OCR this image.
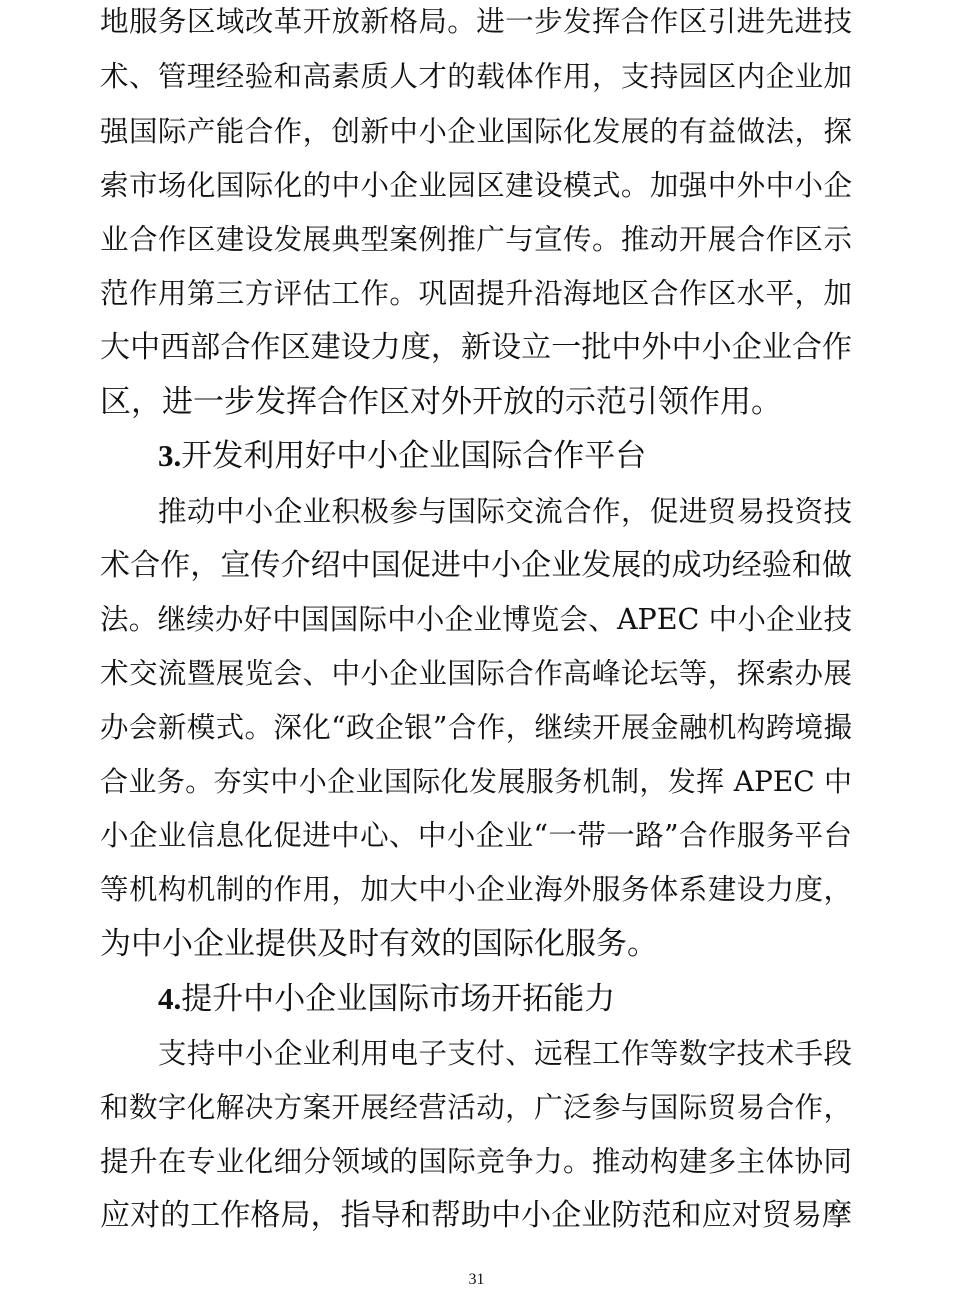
地服务区域改革开放新格局。进一步发挥合作区引进先进技
术、管理经验和高素质人才的载体作用，支持园区内企业加
强国际产能合作，创新中小企业国际化发展的有益做法，探
索市场化国际化的中小企业园区建设模式。加强中外中小企
业合作区建设发展典型案例推广与宣传。推动开展合作区示
范作用第三方评估工作。巩固提升沿海地区合作区水平，加
大中西部合作区建设力度，新设立一批中外中小企业合作
区，进一步发挥合作区对外开放的示范引领作用。
3.开发利用好中小企业国际合作平台
推动中小企业积极参与国际交流合作，促进贸易投资技
术合作，宣传介绍中国促进中小企业发展的成功经验和做
法。继续办好中国国际中小企业博览会、APEC 中小企业技
术交流暨展览会、中小企业国际合作高峰论坛等，探索办展
办会新模式。深化“政企银”合作，继续开展金融机构跨境撮
合业务。夯实中小企业国际化发展服务机制，发挥 APEC 中
小企业信息化促进中心、中小企业“一带一路”合作服务平台
等机构机制的作用，加大中小企业海外服务体系建设力度，
为中小企业提供及时有效的国际化服务。
4.提升中小企业国际市场开拓能力
支持中小企业利用电子支付、远程工作等数字技术手段
和数字化解决方案开展经营活动，广泛参与国际贸易合作，
提升在专业化细分领域的国际竞争力。推动构建多主体协同
应对的工作格局，指导和帮助中小企业防范和应对贸易摩
31
